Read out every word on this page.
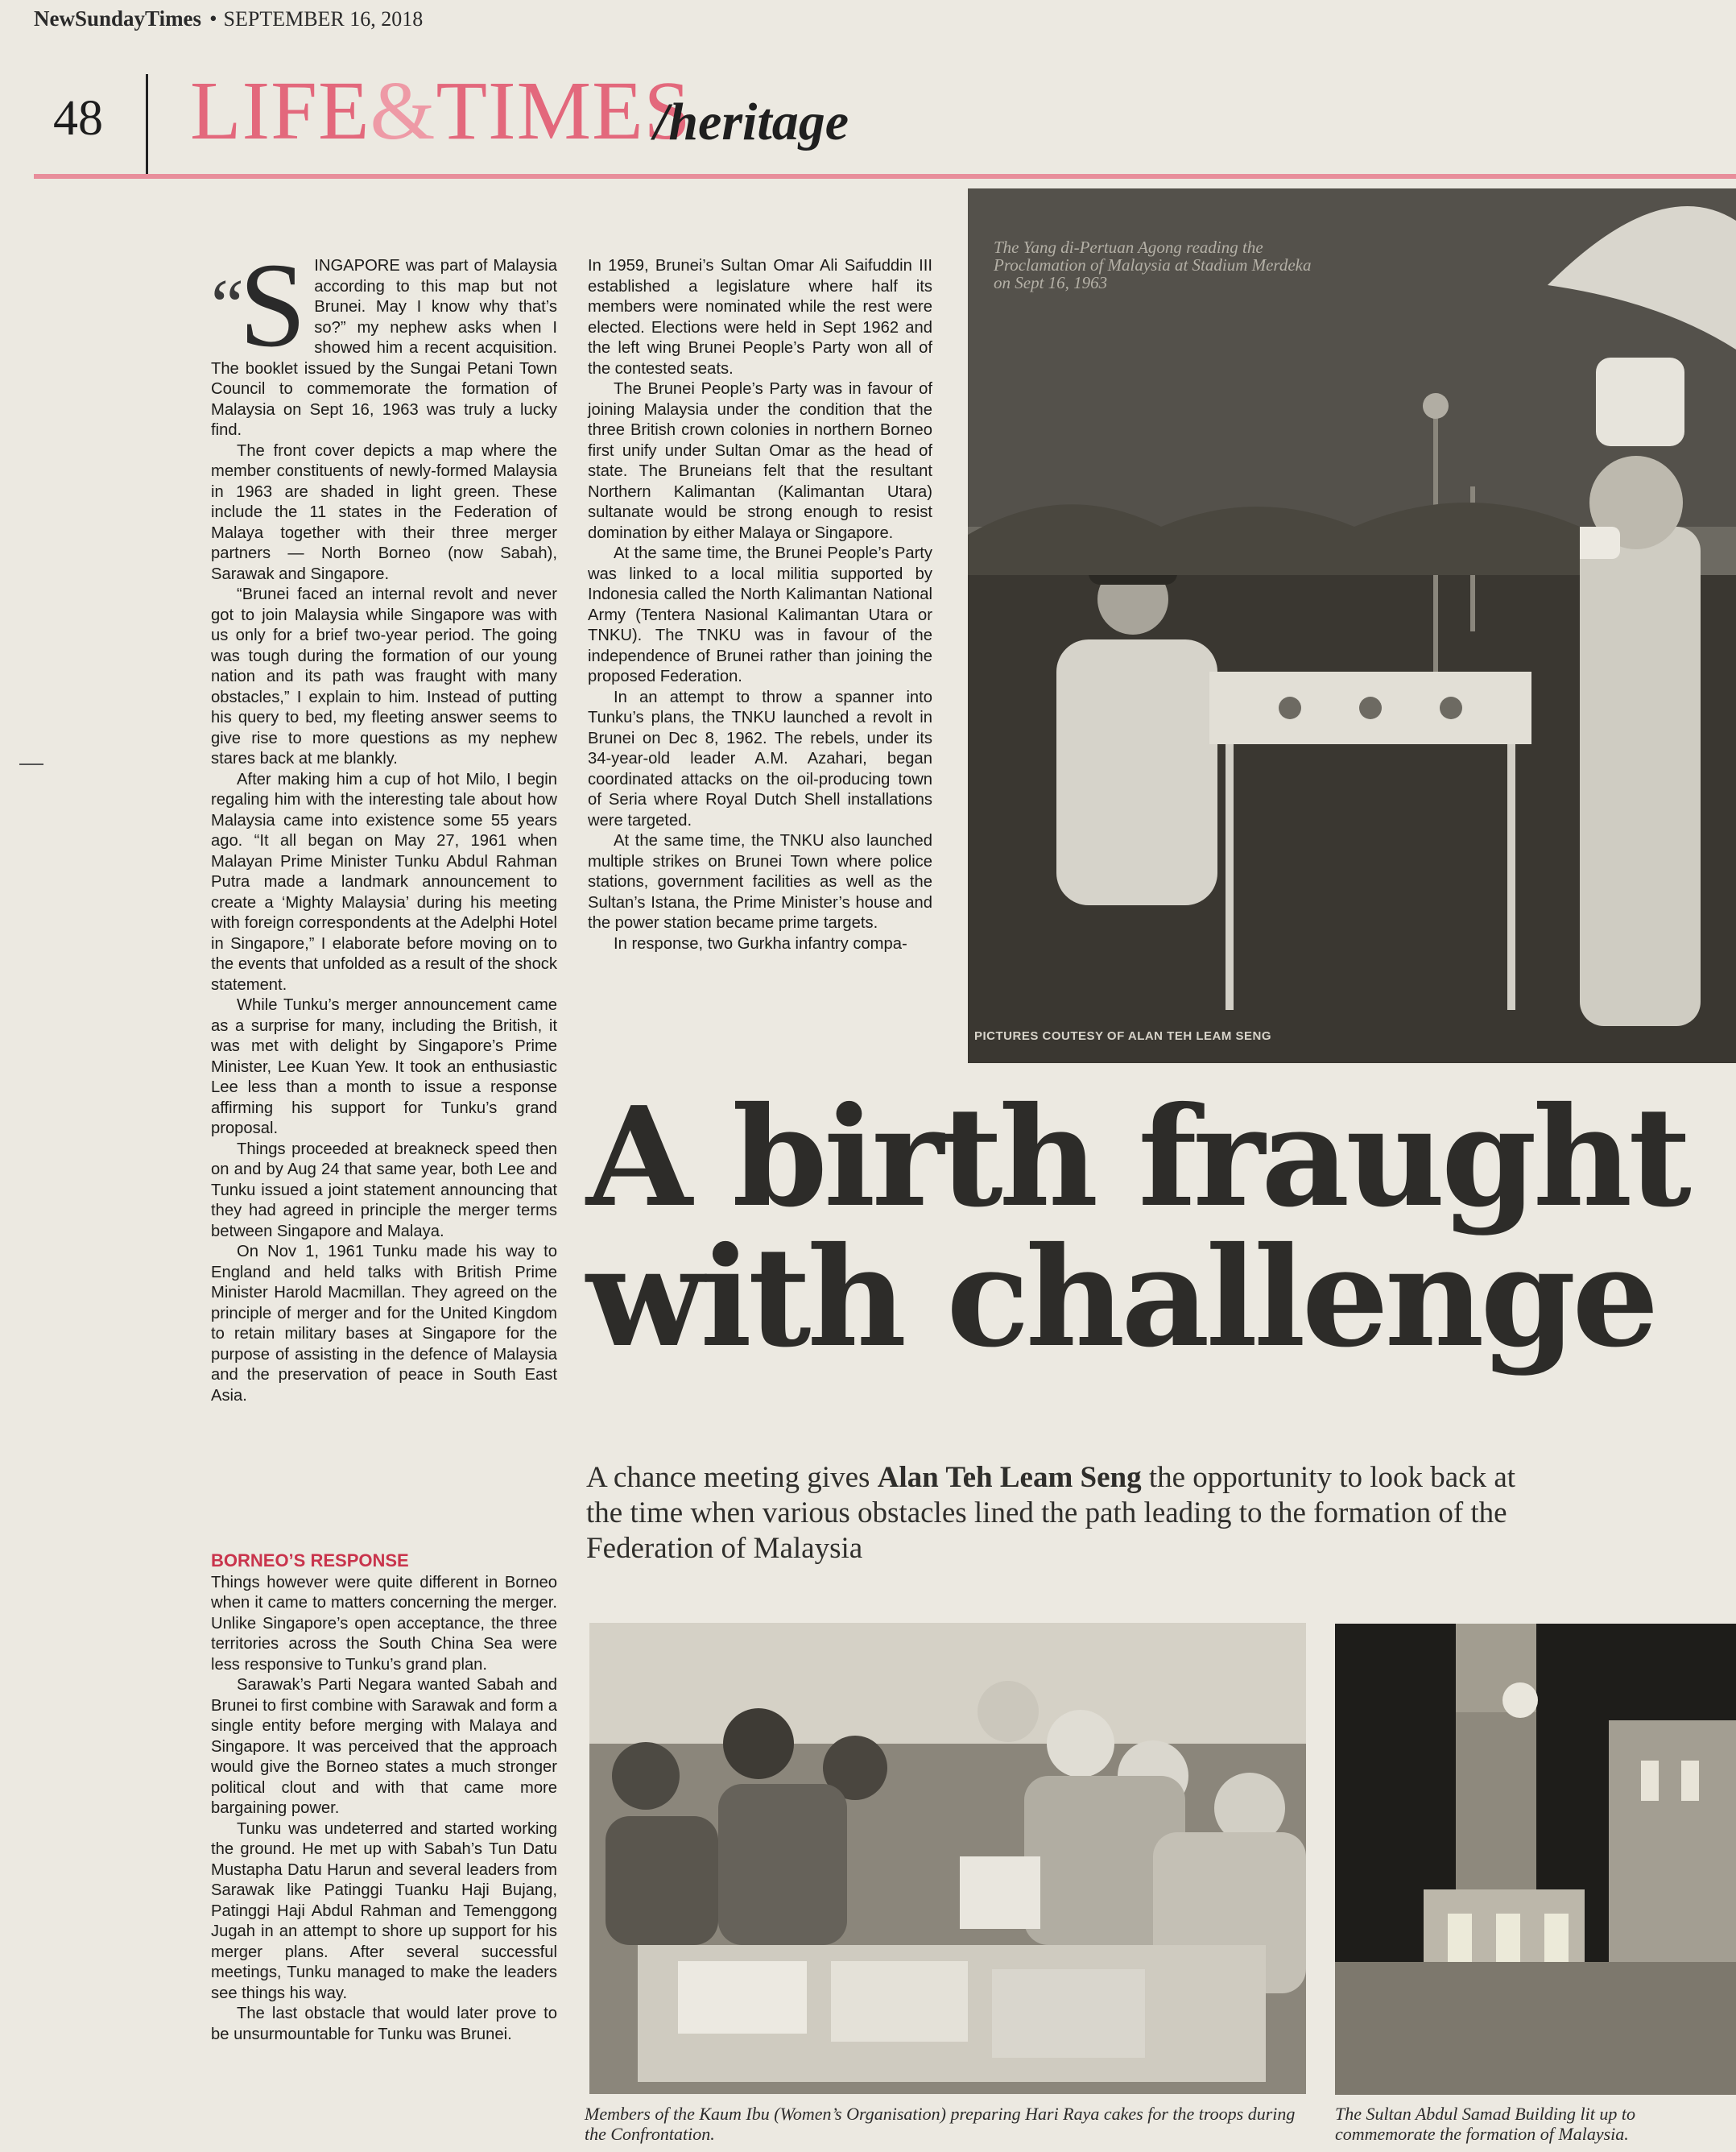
NewSundayTimes • SEPTEMBER 16, 2018
48 LIFE&TIMES
/heritage
The Yang di-Pertuan Agong reading the Proclamation of Malaysia at Stadium Merdeka on Sept 16, 1963
PICTURES COUTESY OF ALAN TEH LEAM SENG
“S INGAPORE was part of Malaysia according to this map but not Brunei. May I know why that’s so?” my nephew asks when I showed him a recent acquisition. The booklet issued by the Sungai Petani Town Council to commemorate the formation of Malaysia on Sept 16, 1963 was truly a lucky find.

The front cover depicts a map where the member constituents of newly-formed Malaysia in 1963 are shaded in light green. These include the 11 states in the Federation of Malaya together with their three merger partners — North Borneo (now Sabah), Sarawak and Singapore.

“Brunei faced an internal revolt and never got to join Malaysia while Singapore was with us only for a brief two-year period. The going was tough during the formation of our young nation and its path was fraught with many obstacles,” I explain to him. Instead of putting his query to bed, my fleeting answer seems to give rise to more questions as my nephew stares back at me blankly.

After making him a cup of hot Milo, I begin regaling him with the interesting tale about how Malaysia came into existence some 55 years ago. “It all began on May 27, 1961 when Malayan Prime Minister Tunku Abdul Rahman Putra made a landmark announcement to create a ‘Mighty Malaysia’ during his meeting with foreign correspondents at the Adelphi Hotel in Singapore,” I elaborate before moving on to the events that unfolded as a result of the shock statement.

While Tunku’s merger announcement came as a surprise for many, including the British, it was met with delight by Singapore’s Prime Minister, Lee Kuan Yew. It took an enthusiastic Lee less than a month to issue a response affirming his support for Tunku’s grand proposal.

Things proceeded at breakneck speed then on and by Aug 24 that same year, both Lee and Tunku issued a joint statement announcing that they had agreed in principle the merger terms between Singapore and Malaya.

On Nov 1, 1961 Tunku made his way to England and held talks with British Prime Minister Harold Macmillan. They agreed on the principle of merger and for the United Kingdom to retain military bases at Singapore for the purpose of assisting in the defence of Malaysia and the preservation of peace in South East Asia.

BORNEO’S RESPONSE

Things however were quite different in Borneo when it came to matters concerning the merger. Unlike Singapore’s open acceptance, the three territories across the South China Sea were less responsive to Tunku’s grand plan.

Sarawak’s Parti Negara wanted Sabah and Brunei to first combine with Sarawak and form a single entity before merging with Malaya and Singapore. It was perceived that the approach would give the Borneo states a much stronger political clout and with that came more bargaining power.

Tunku was undeterred and started working the ground. He met up with Sabah’s Tun Datu Mustapha Datu Harun and several leaders from Sarawak like Patinggi Tuanku Haji Bujang, Patinggi Haji Abdul Rahman and Temenggong Jugah in an attempt to shore up support for his merger plans. After several successful meetings, Tunku managed to make the leaders see things his way.

The last obstacle that would later prove to be unsurmountable for Tunku was Brunei.

In 1959, Brunei’s Sultan Omar Ali Saifuddin III established a legislature where half its members were nominated while the rest were elected. Elections were held in Sept 1962 and the left wing Brunei People’s Party won all of the contested seats.

The Brunei People’s Party was in favour of joining Malaysia under the condition that the three British crown colonies in northern Borneo first unify under Sultan Omar as the head of state. The Bruneians felt that the resultant Northern Kalimantan (Kalimantan Utara) sultanate would be strong enough to resist domination by either Malaya or Singapore.

At the same time, the Brunei People’s Party was linked to a local militia supported by Indonesia called the North Kalimantan National Army (Tentera Nasional Kalimantan Utara or TNKU). The TNKU was in favour of the independence of Brunei rather than joining the proposed Federation.

In an attempt to throw a spanner into Tunku’s plans, the TNKU launched a revolt in Brunei on Dec 8, 1962. The rebels, under its 34-year-old leader A.M. Azahari, began coordinated attacks on the oil-producing town of Seria where Royal Dutch Shell installations were targeted.

At the same time, the TNKU also launched multiple strikes on Brunei Town where police stations, government facilities as well as the Sultan’s Istana, the Prime Minister’s house and the power station became prime targets.

In response, two Gurkha infantry compa-

A birth fraught
with challenge
A chance meeting gives Alan Teh Leam Seng the opportunity to look back at the time when various obstacles lined the path leading to the formation of the Federation of Malaysia
Members of the Kaum Ibu (Women’s Organisation) preparing Hari Raya cakes for the troops during the Confrontation.
The Sultan Abdul Samad Building lit up to commemorate the formation of Malaysia.
